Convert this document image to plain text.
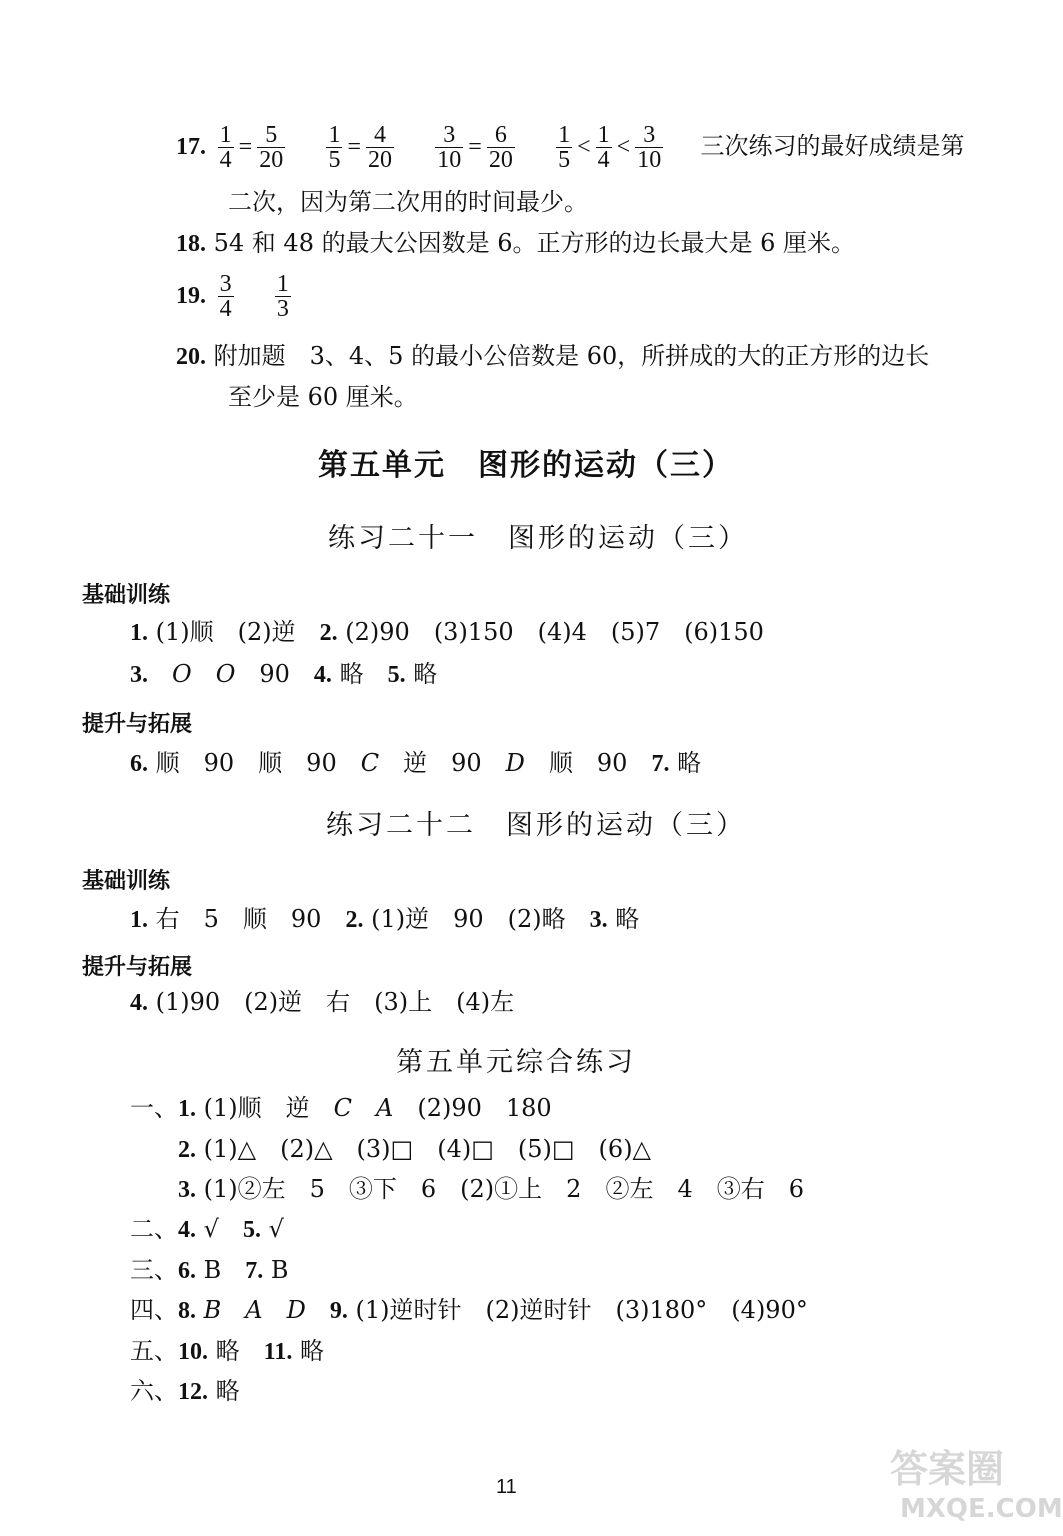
17. $\frac{1}{4} = \frac{5}{20}$
$\frac{1}{5} = \frac{4}{20}$
$\frac{3}{10} = \frac{6}{20}$
$\frac{1}{5} < \frac{1}{4} < \frac{3}{10}$ 三次练习的最好成绩是第
二次，因为第二次用的时间最少。
18. 54 和 48 的最大公因数是 6。正方形的边长最大是 6 厘米。
19. $\frac{3}{4}$
$\frac{1}{3}$
20. 附加题　3、4、5 的最小公倍数是 60，所拼成的大的正方形的边长
至少是 60 厘米。
第五单元　图形的运动（三）
练习二十一　图形的运动（三）
基础训练
1. (1)顺　(2)逆　 2. (2)90　(3)150　(4)4　(5)7　(6)150
3.　 O　 O　 90　 4. 略　 5. 略
提升与拓展
6. 顺　90　顺　90　 C　 逆　90　 D　 顺　90　 7. 略
练习二十二　图形的运动（三）
基础训练
1. 右　5　顺　90　 2. (1)逆　90　(2)略　 3. 略
提升与拓展
4. (1)90　(2)逆　右　(3)上　(4)左
第五单元综合练习
一、1. (1)顺　逆　 C　 A　 (2)90　180
2. (1)△　(2)△　(3)□　(4)□　(5)□　(6)△
3. (1)②左　5　③下　6　(2)①上　2　②左　4　③右　6
二、4. √　 5. √
三、6. B　 7. B
四、8. B　 A　 D　 9. (1)逆时针　(2)逆时针　(3)180°　(4)90°
五、10. 略　 11. 略
六、12. 略
11	答案圈
MXQE.COM
